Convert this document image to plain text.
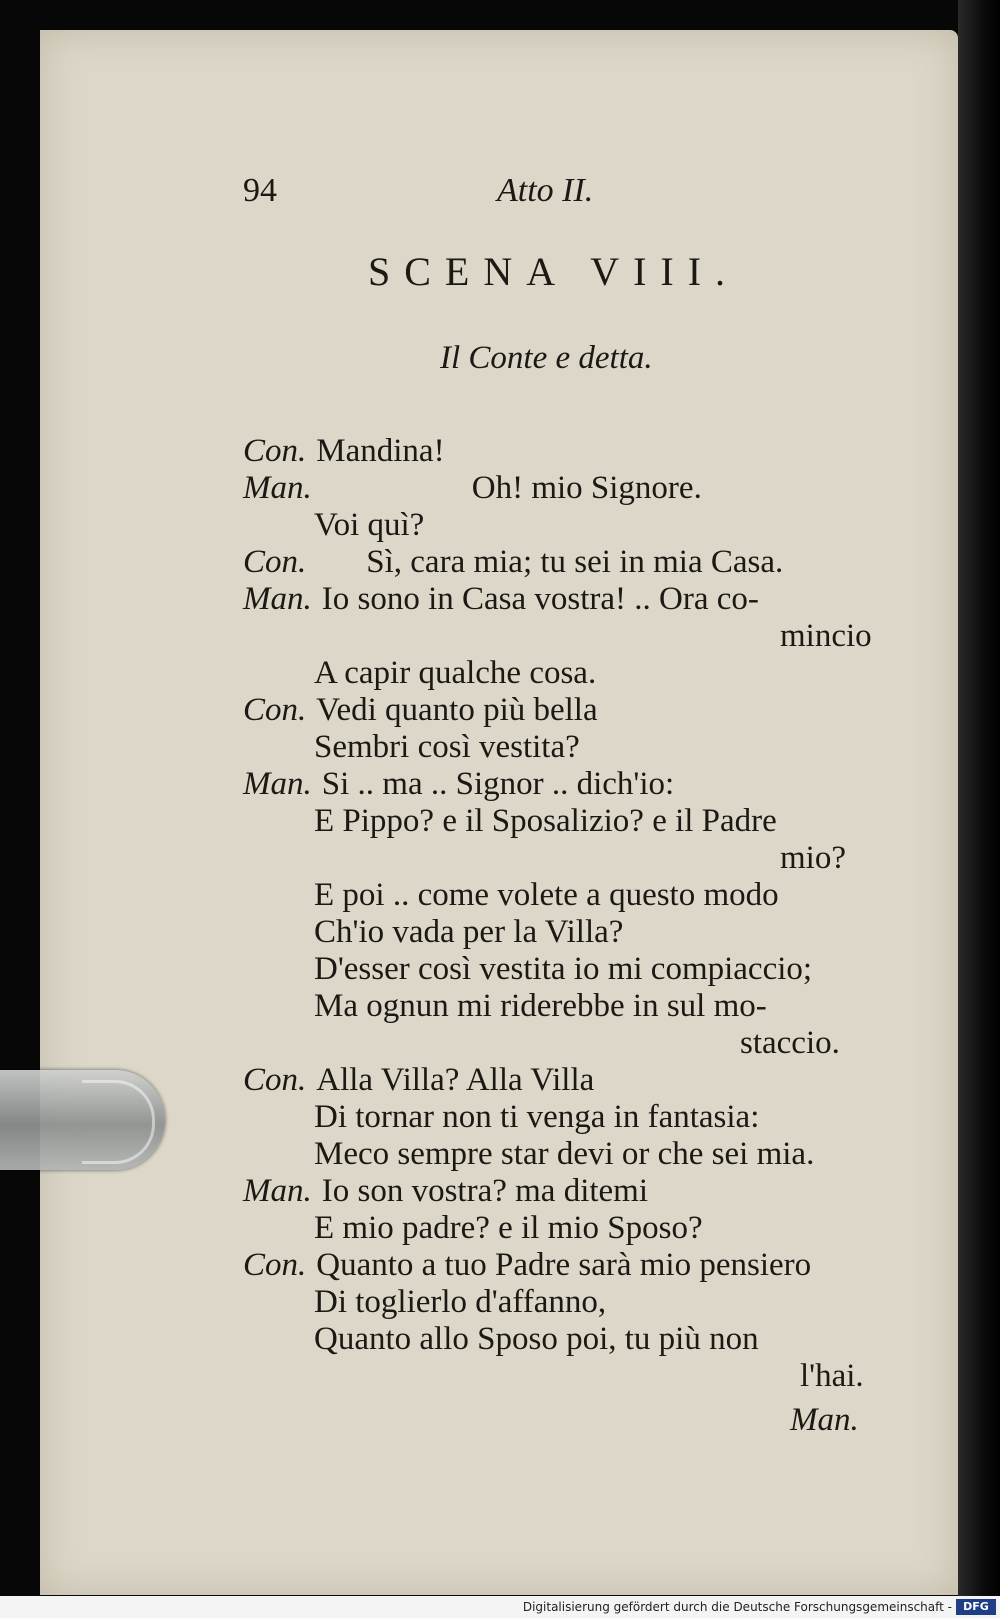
94	Atto II.
SCENA VIII.
Il Conte e detta.
Con. Mandina!
Man.	Oh! mio Signore.
Voi quì?
Con. Sì, cara mia; tu sei in mia Casa.
Man. Io sono in Casa vostra! .. Ora co-
mincio
A capir qualche cosa.
Con. Vedi quanto più bella
Sembri così vestita?
Man. Si .. ma .. Signor .. dich'io:
E Pippo? e il Sposalizio? e il Padre
mio?
E poi .. come volete a questo modo
Ch'io vada per la Villa?
D'esser così vestita io mi compiaccio;
Ma ognun mi riderebbe in sul mo-
staccio.
Con. Alla Villa? Alla Villa
Di tornar non ti venga in fantasia:
Meco sempre star devi or che sei mia.
Man. Io son vostra? ma ditemi
E mio padre? e il mio Sposo?
Con. Quanto a tuo Padre sarà mio pensiero
Di toglierlo d'affanno,
Quanto allo Sposo poi, tu più non
l'hai.
Man.
Digitalisierung gefördert durch die Deutsche Forschungsgemeinschaft -	DFG
